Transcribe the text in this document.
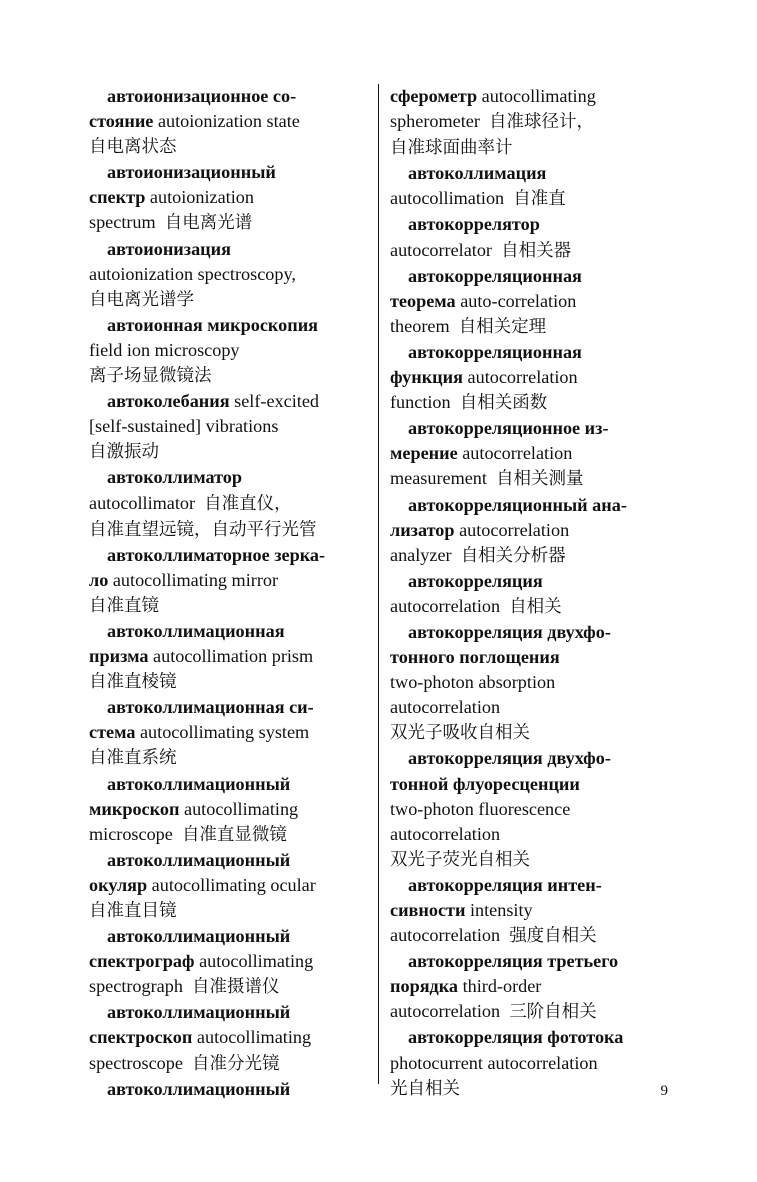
автоионизационное со-
стояние autoionization state
自电离状态
автоионизационный
спектр autoionization
spectrum  自电离光谱
автоионизация
autoionization spectroscopy,
自电离光谱学
автоионная микроскопия
field ion microscopy
离子场显微镜法
автоколебания self-excited
[self-sustained] vibrations
自激振动
автоколлиматор
autocollimator  自准直仪，
自准直望远镜，自动平行光管
автоколлиматорное зерка-
ло autocollimating mirror
自准直镜
автоколлимационная
призма autocollimation prism
自准直棱镜
автоколлимационная си-
стема autocollimating system
自准直系统
автоколлимационный
микроскоп autocollimating
microscope  自准直显微镜
автоколлимационный
окуляр autocollimating ocular
自准直目镜
автоколлимационный
спектрограф autocollimating
spectrograph  自准摄谱仪
автоколлимационный
спектроскоп autocollimating
spectroscope  自准分光镜
автоколлимационный
сферометр autocollimating
spherometer  自准球径计，
自准球面曲率计
автоколлимация
autocollimation  自准直
автокоррелятор
autocorrelator  自相关器
автокорреляционная
теорема auto-correlation
theorem  自相关定理
автокорреляционная
функция autocorrelation
function  自相关函数
автокорреляционное из-
мерение autocorrelation
measurement  自相关测量
автокорреляционный ана-
лизатор autocorrelation
analyzer  自相关分析器
автокорреляция
autocorrelation  自相关
автокорреляция двухфо-
тонного поглощения
two-photon absorption
autocorrelation
双光子吸收自相关
автокорреляция двухфо-
тонной флуоресценции
two-photon fluorescence
autocorrelation
双光子荧光自相关
автокорреляция интен-
сивности intensity
autocorrelation  强度自相关
автокорреляция третьего
порядка third-order
autocorrelation  三阶自相关
автокорреляция фототока
photocurrent autocorrelation
光自相关	9
